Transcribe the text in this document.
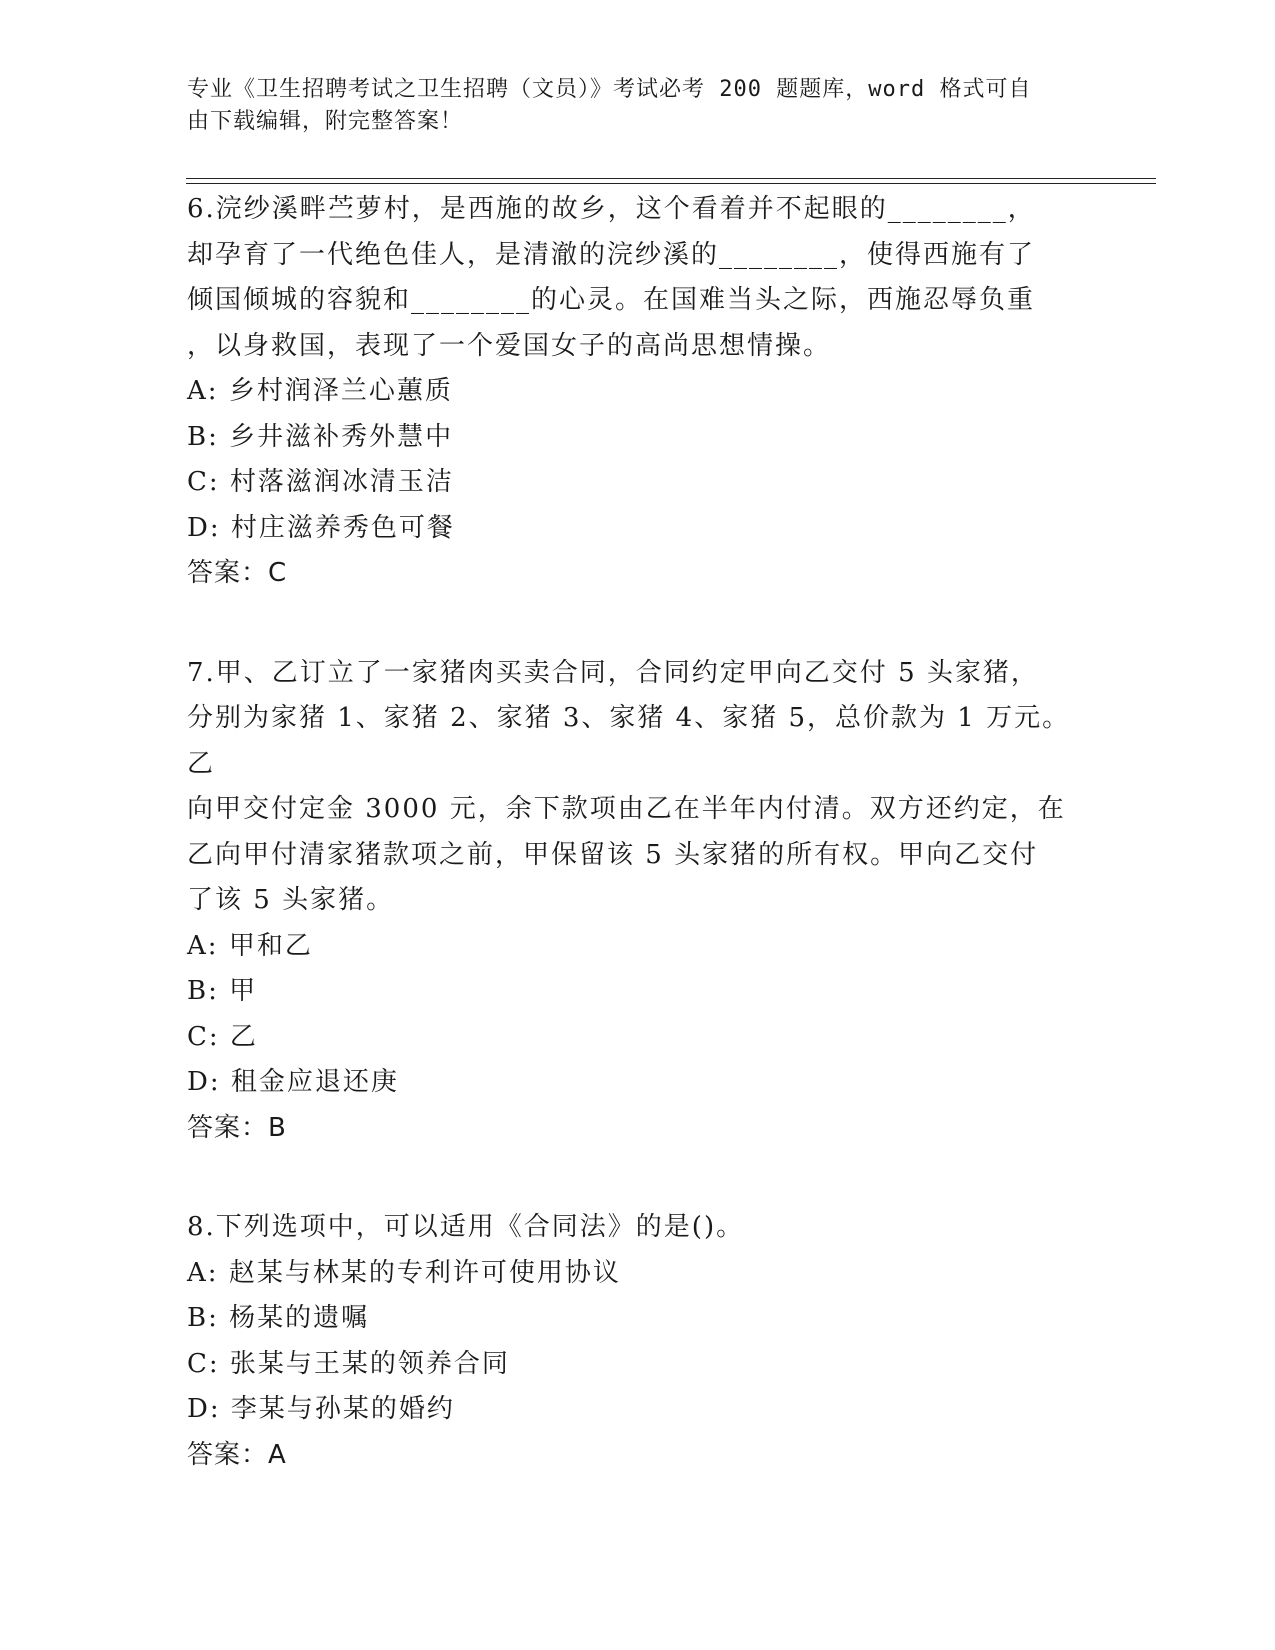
专业《卫生招聘考试之卫生招聘（文员）》考试必考 200 题题库，word 格式可自
由下载编辑，附完整答案！
6.浣纱溪畔苎萝村，是西施的故乡，这个看着并不起眼的________，
却孕育了一代绝色佳人，是清澈的浣纱溪的________，使得西施有了
倾国倾城的容貌和________的心灵。在国难当头之际，西施忍辱负重
，以身救国，表现了一个爱国女子的高尚思想情操。
A: 乡村润泽兰心蕙质
B: 乡井滋补秀外慧中
C: 村落滋润冰清玉洁
D: 村庄滋养秀色可餐
答案：C
7.甲、乙订立了一家猪肉买卖合同，合同约定甲向乙交付 5 头家猪，
分别为家猪 1、家猪 2、家猪 3、家猪 4、家猪 5，总价款为 1 万元。乙
向甲交付定金 3000 元，余下款项由乙在半年内付清。双方还约定，在
乙向甲付清家猪款项之前，甲保留该 5 头家猪的所有权。甲向乙交付
了该 5 头家猪。
A: 甲和乙
B: 甲
C: 乙
D: 租金应退还庚
答案：B
8.下列选项中，可以适用《合同法》的是()。
A: 赵某与林某的专利许可使用协议
B: 杨某的遗嘱
C: 张某与王某的领养合同
D: 李某与孙某的婚约
答案：A
